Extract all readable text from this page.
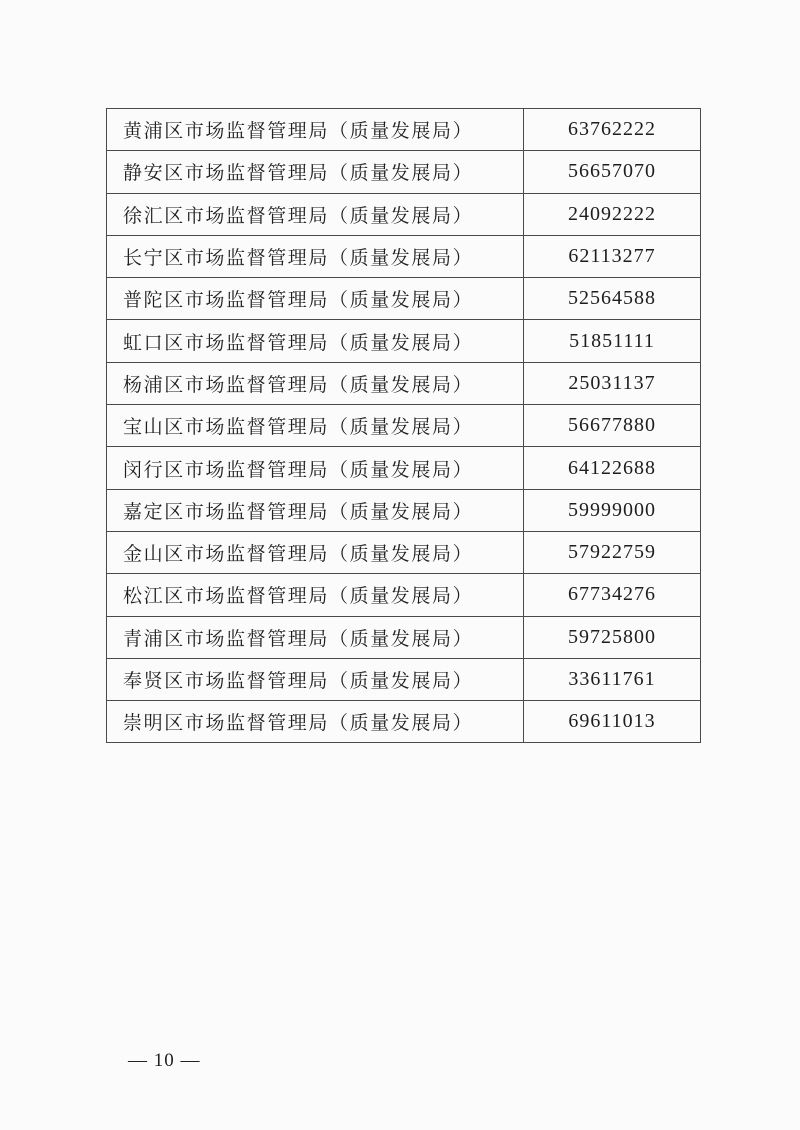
黄浦区市场监督管理局（质量发展局）	63762222
静安区市场监督管理局（质量发展局）	56657070
徐汇区市场监督管理局（质量发展局）	24092222
长宁区市场监督管理局（质量发展局）	62113277
普陀区市场监督管理局（质量发展局）	52564588
虹口区市场监督管理局（质量发展局）	51851111
杨浦区市场监督管理局（质量发展局）	25031137
宝山区市场监督管理局（质量发展局）	56677880
闵行区市场监督管理局（质量发展局）	64122688
嘉定区市场监督管理局（质量发展局）	59999000
金山区市场监督管理局（质量发展局）	57922759
松江区市场监督管理局（质量发展局）	67734276
青浦区市场监督管理局（质量发展局）	59725800
奉贤区市场监督管理局（质量发展局）	33611761
崇明区市场监督管理局（质量发展局）	69611013
— 10 —
